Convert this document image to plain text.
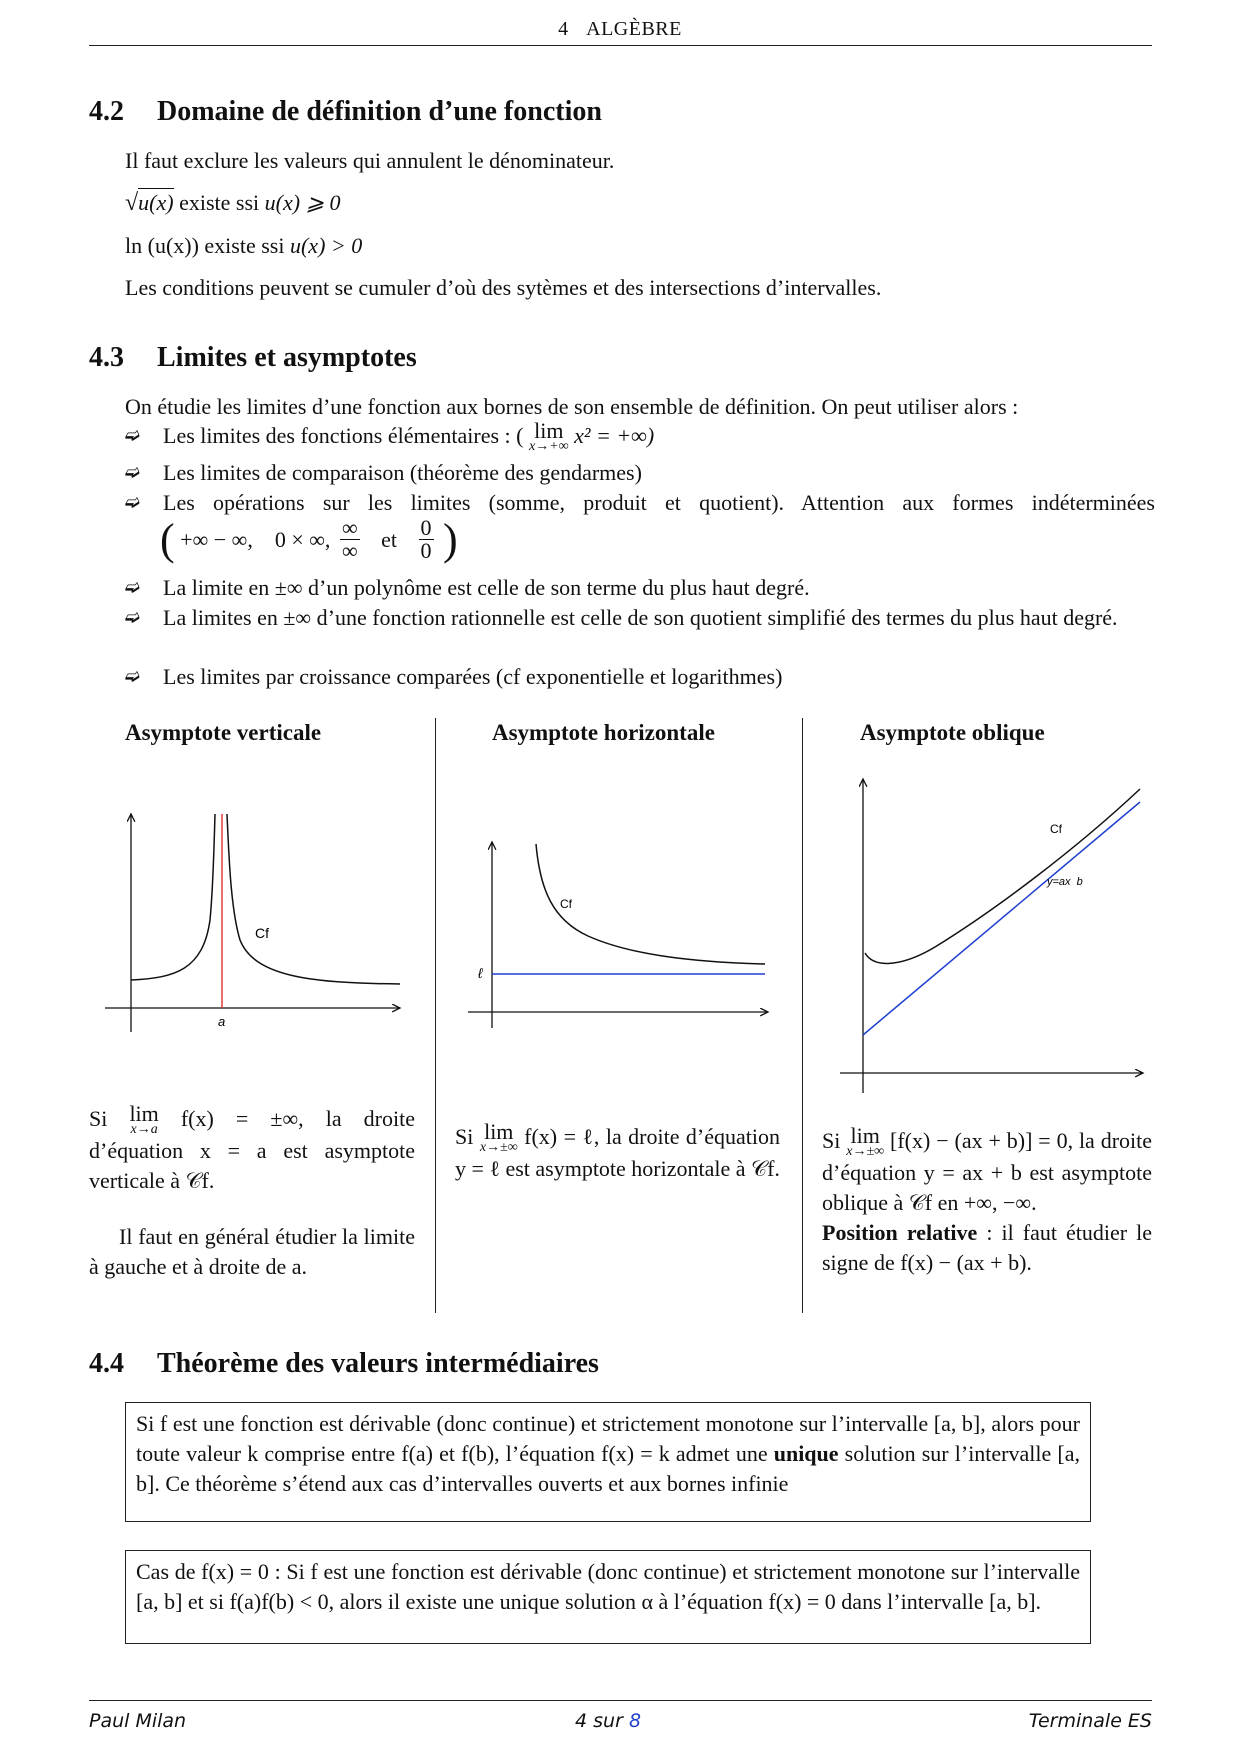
4 ALGÈBRE
4.2 Domaine de définition d’une fonction
Il faut exclure les valeurs qui annulent le dénominateur.
√u(x) existe ssi u(x) ⩾ 0
ln (u(x)) existe ssi u(x) > 0
Les conditions peuvent se cumuler d’où des sytèmes et des intersections d’intervalles.
4.3 Limites et asymptotes
On étudie les limites d’une fonction aux bornes de son ensemble de définition. On peut utiliser alors :
➫ Les limites des fonctions élémentaires : ( lim
x→+∞ x² = +∞)
➫ Les limites de comparaison (théorème des gendarmes)
➫ Les opérations sur les limites (somme, produit et quotient). Attention aux formes indéterminées
( +∞ − ∞,    0 × ∞, $\frac{\infty}{\infty}$ et $\frac{0}{0}$ )
➫ La limite en ±∞ d’un polynôme est celle de son terme du plus haut degré.
➫ La limites en ±∞ d’une fonction rationnelle est celle de son quotient simplifié des termes du plus haut degré.
➫ Les limites par croissance comparées (cf exponentielle et logarithmes)
Asymptote verticale	Asymptote horizontale	Asymptote oblique
Cf
a
Cf
ℓ
Cf
y=ax  b
Si lim
x→a f(x) = ±∞, la droite d’équation x = a est asymptote verticale à 𝒞f.
Il faut en général étudier la limite à gauche et à droite de a.
Si lim
x→±∞ f(x) = ℓ, la droite d’équation y = ℓ est asymptote horizontale à 𝒞f.
Si lim
x→±∞ [f(x) − (ax + b)] = 0, la droite d’équation y = ax + b est asymptote oblique à 𝒞f en +∞, −∞.
Position relative : il faut étudier le signe de f(x) − (ax + b).
4.4 Théorème des valeurs intermédiaires
Si f est une fonction est dérivable (donc continue) et strictement monotone sur l’intervalle [a, b], alors pour toute valeur k comprise entre f(a) et f(b), l’équation f(x) = k admet une unique solution sur l’intervalle [a, b]. Ce théorème s’étend aux cas d’intervalles ouverts et aux bornes infinie
Cas de f(x) = 0 : Si f est une fonction est dérivable (donc continue) et strictement monotone sur l’intervalle [a, b] et si f(a)f(b) < 0, alors il existe une unique solution α à l’équation f(x) = 0 dans l’intervalle [a, b].
Paul Milan	4 sur 8	Terminale ES
